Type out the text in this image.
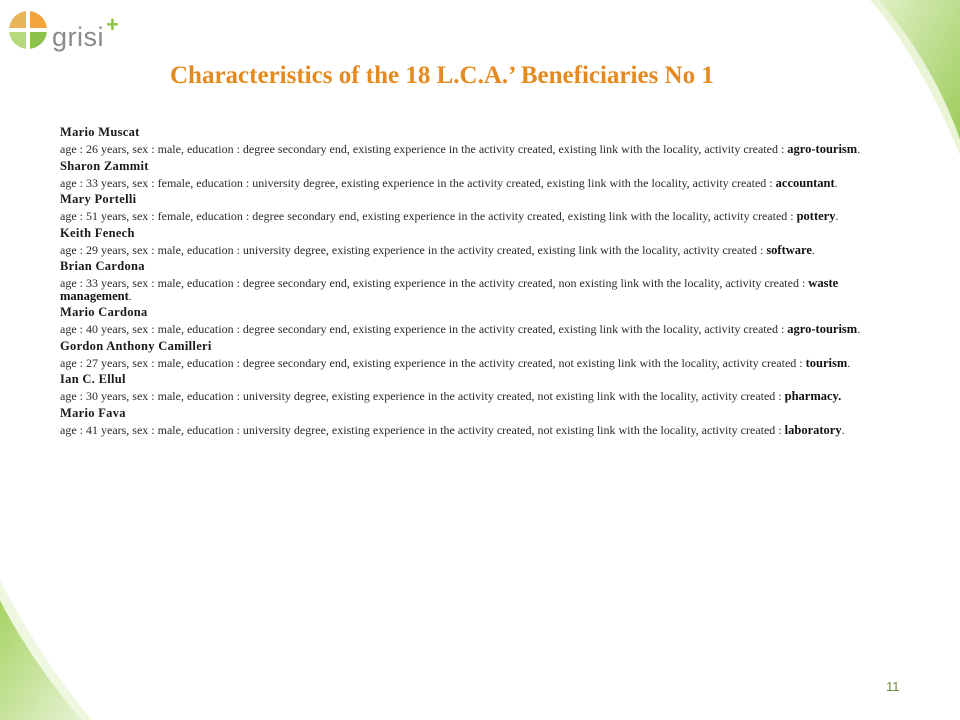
grisi +
Characteristics of the 18 L.C.A.’ Beneficiaries No 1
Mario Muscat
age : 26 years, sex : male, education : degree secondary end, existing experience in the activity created, existing link with the locality, activity created : agro-tourism.
Sharon Zammit
age : 33 years, sex : female, education : university degree, existing experience in the activity created, existing link with the locality, activity created : accountant.
Mary Portelli
age : 51 years, sex : female, education : degree secondary end, existing experience in the activity created, existing link with the locality, activity created : pottery.
Keith Fenech
age : 29 years, sex : male, education : university degree, existing experience in the activity created, existing link with the locality, activity created : software.
Brian Cardona
age : 33 years, sex : male, education : degree secondary end, existing experience in the activity created, non existing link with the locality, activity created : waste management.
Mario Cardona
age : 40 years, sex : male, education : degree secondary end, existing experience in the activity created, existing link with the locality, activity created : agro-tourism.
Gordon Anthony Camilleri
age : 27 years, sex : male, education : degree secondary end, existing experience in the activity created, not existing link with the locality, activity created : tourism.
Ian C. Ellul
age : 30 years, sex : male, education : university degree, existing experience in the activity created, not existing link with the locality, activity created : pharmacy.
Mario Fava
age : 41 years, sex : male, education : university degree, existing experience in the activity created, not existing link with the locality, activity created : laboratory.
11
